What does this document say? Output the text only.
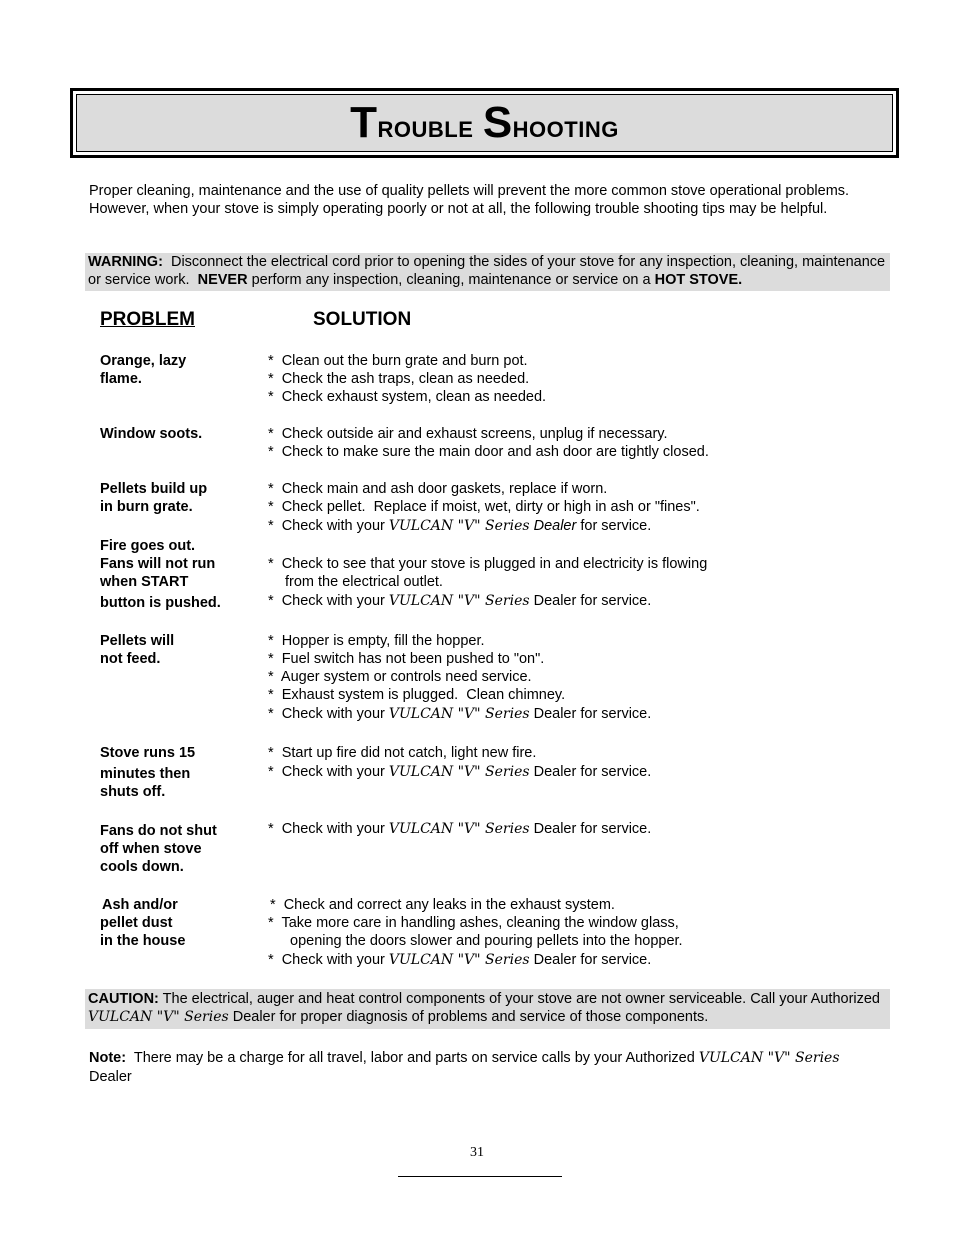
Trouble Shooting
Proper cleaning, maintenance and the use of quality pellets will prevent the more common stove operational problems. However, when your stove is simply operating poorly or not at all, the following trouble shooting tips may be helpful.
WARNING:  Disconnect the electrical cord prior to opening the sides of your stove for any inspection, cleaning, maintenance or service work.  NEVER perform any inspection, cleaning, maintenance or service on a HOT STOVE.
PROBLEM	SOLUTION
Orange, lazy
flame.
*  Clean out the burn grate and burn pot.
*  Check the ash traps, clean as needed.
*  Check exhaust system, clean as needed.
Window soots.	*  Check outside air and exhaust screens, unplug if necessary.
*  Check to make sure the main door and ash door are tightly closed.
Pellets build up
in burn grate.
*  Check main and ash door gaskets, replace if worn.
*  Check pellet.  Replace if moist, wet, dirty or high in ash or "fines".
*  Check with your VULCAN "V" Series Dealer for service.
Fire goes out.
Fans will not run
when START
button is pushed.
*  Check to see that your stove is plugged in and electricity is flowing
from the electrical outlet.
*  Check with your VULCAN "V" Series Dealer for service.
Pellets will
not feed.
*  Hopper is empty, fill the hopper.
*  Fuel switch has not been pushed to "on".
*  Auger system or controls need service.
*  Exhaust system is plugged.  Clean chimney.
*  Check with your VULCAN "V" Series Dealer for service.
Stove runs 15
minutes then
shuts off.
*  Start up fire did not catch, light new fire.
*  Check with your VULCAN "V" Series Dealer for service.
Fans do not shut
off when stove
cools down.
*  Check with your VULCAN "V" Series Dealer for service.
Ash and/or
pellet dust
in the house
*  Check and correct any leaks in the exhaust system.
*  Take more care in handling ashes, cleaning the window glass,
opening the doors slower and pouring pellets into the hopper.
*  Check with your VULCAN "V" Series Dealer for service.
CAUTION: The electrical, auger and heat control components of your stove are not owner serviceable. Call your Authorized VULCAN "V" Series Dealer for proper diagnosis of problems and service of those components.
Note:  There may be a charge for all travel, labor and parts on service calls by your Authorized VULCAN "V" Series
Dealer
31
